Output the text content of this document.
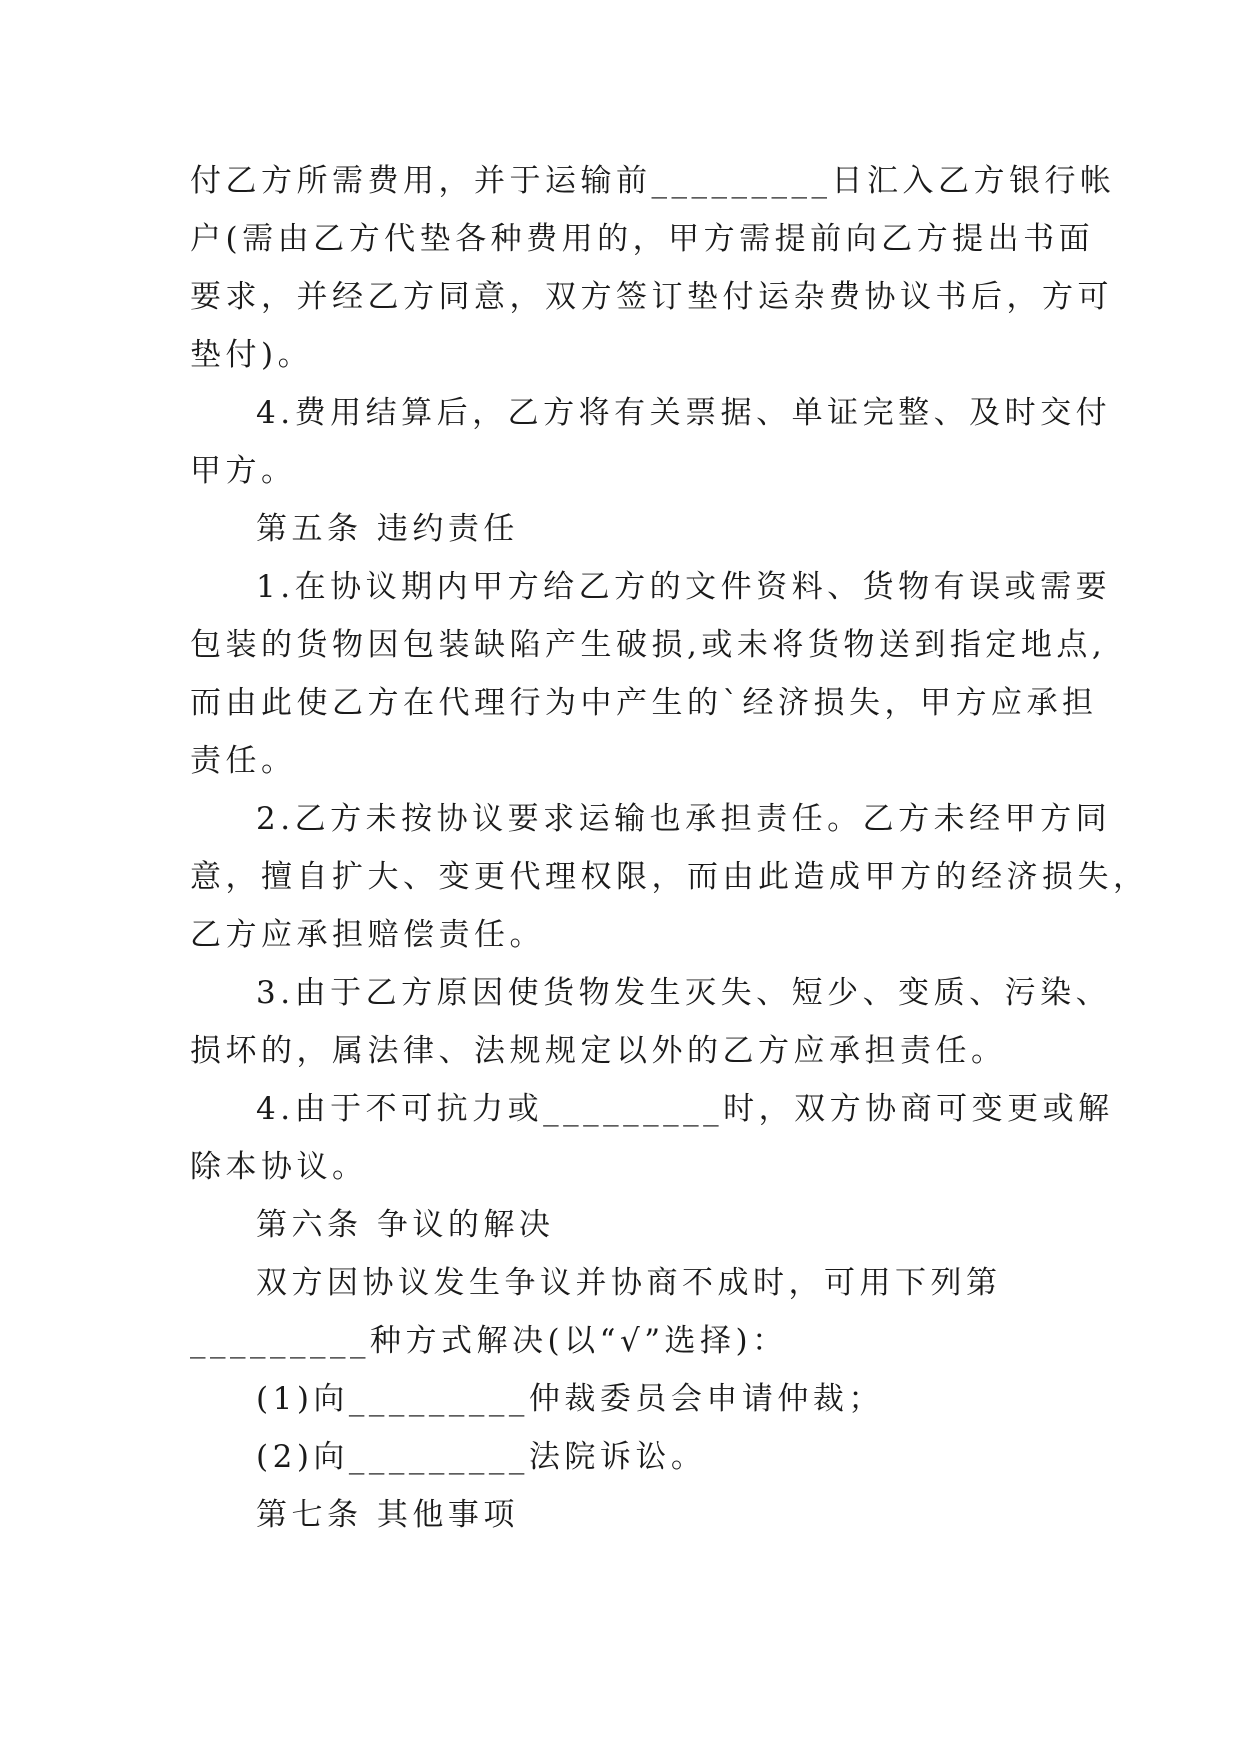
付乙方所需费用，并于运输前_________日汇入乙方银行帐
户(需由乙方代垫各种费用的，甲方需提前向乙方提出书面
要求，并经乙方同意，双方签订垫付运杂费协议书后，方可
垫付)。
4.费用结算后，乙方将有关票据、单证完整、及时交付
甲方。
第五条 违约责任
1.在协议期内甲方给乙方的文件资料、货物有误或需要
包装的货物因包装缺陷产生破损,或未将货物送到指定地点,
而由此使乙方在代理行为中产生的`经济损失，甲方应承担
责任。
2.乙方未按协议要求运输也承担责任。乙方未经甲方同
意，擅自扩大、变更代理权限，而由此造成甲方的经济损失，
乙方应承担赔偿责任。
3.由于乙方原因使货物发生灭失、短少、变质、污染、
损坏的，属法律、法规规定以外的乙方应承担责任。
4.由于不可抗力或_________时，双方协商可变更或解
除本协议。
第六条 争议的解决
双方因协议发生争议并协商不成时，可用下列第
_________种方式解决(以“√”选择)：
(1)向_________仲裁委员会申请仲裁；
(2)向_________法院诉讼。
第七条 其他事项
